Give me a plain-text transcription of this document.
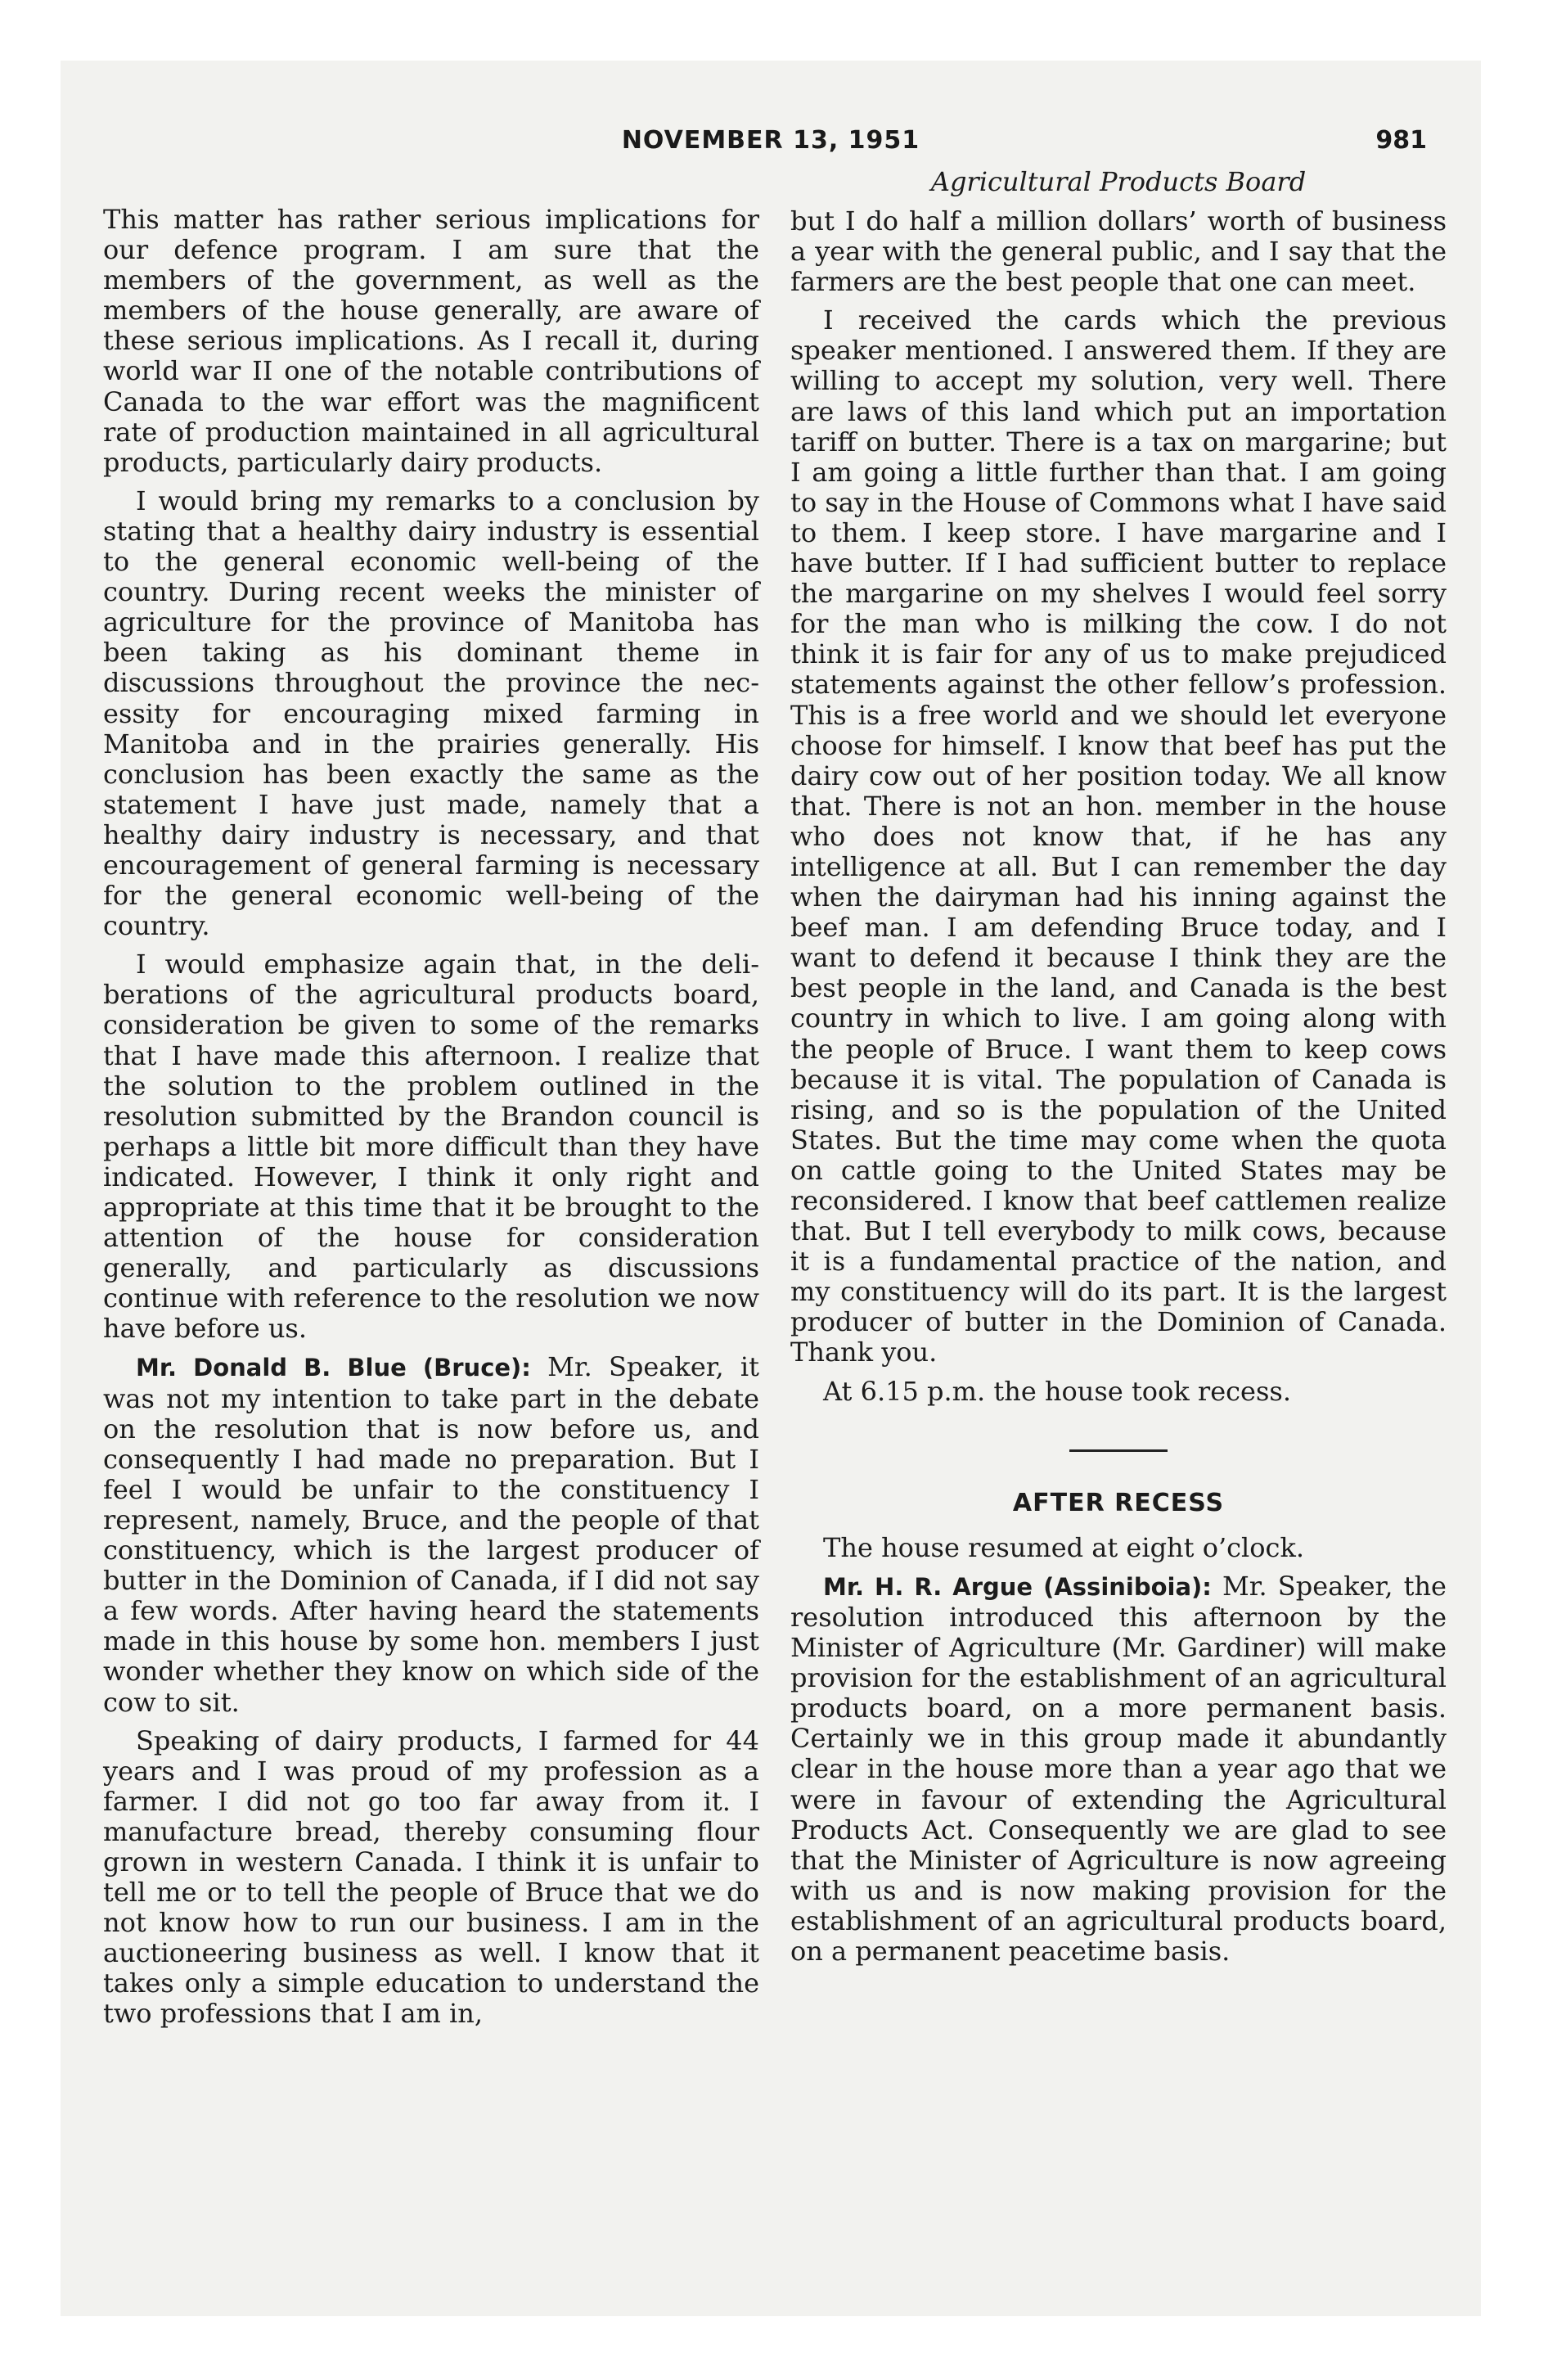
NOVEMBER 13, 1951	981

This matter has rather serious implications for our defence program. I am sure that the members of the government, as well as the members of the house generally, are aware of these serious implications. As I recall it, during world war II one of the notable contributions of Canada to the war effort was the magnificent rate of production maintained in all agricultural products, particularly dairy products.

I would bring my remarks to a conclusion by stating that a healthy dairy industry is essential to the general economic well-being of the country. During recent weeks the minister of agriculture for the province of Manitoba has been taking as his dominant theme in discussions throughout the province the necessity for encouraging mixed farming in Manitoba and in the prairies generally. His conclusion has been exactly the same as the statement I have just made, namely that a healthy dairy industry is necessary, and that encouragement of general farming is necessary for the general economic well-being of the country.

I would emphasize again that, in the deliberations of the agricultural products board, consideration be given to some of the remarks that I have made this afternoon. I realize that the solution to the problem outlined in the resolution submitted by the Brandon council is perhaps a little bit more difficult than they have indicated. However, I think it only right and appropriate at this time that it be brought to the attention of the house for consideration generally, and particularly as discussions continue with reference to the resolution we now have before us.

Mr. Donald B. Blue (Bruce): Mr. Speaker, it was not my intention to take part in the debate on the resolution that is now before us, and consequently I had made no preparation. But I feel I would be unfair to the constituency I represent, namely, Bruce, and the people of that constituency, which is the largest producer of butter in the Dominion of Canada, if I did not say a few words. After having heard the statements made in this house by some hon. members I just wonder whether they know on which side of the cow to sit.

Speaking of dairy products, I farmed for 44 years and I was proud of my profession as a farmer. I did not go too far away from it. I manufacture bread, thereby consuming flour grown in western Canada. I think it is unfair to tell me or to tell the people of Bruce that we do not know how to run our business. I am in the auctioneering business as well. I know that it takes only a simple education to understand the two professions that I am in,

Agricultural Products Board

but I do half a million dollars’ worth of business a year with the general public, and I say that the farmers are the best people that one can meet.

I received the cards which the previous speaker mentioned. I answered them. If they are willing to accept my solution, very well. There are laws of this land which put an importation tariff on butter. There is a tax on margarine; but I am going a little further than that. I am going to say in the House of Commons what I have said to them. I keep store. I have margarine and I have butter. If I had sufficient butter to replace the margarine on my shelves I would feel sorry for the man who is milking the cow. I do not think it is fair for any of us to make prejudiced statements against the other fellow’s profession. This is a free world and we should let everyone choose for himself. I know that beef has put the dairy cow out of her position today. We all know that. There is not an hon. member in the house who does not know that, if he has any intelligence at all. But I can remember the day when the dairyman had his inning against the beef man. I am defending Bruce today, and I want to defend it because I think they are the best people in the land, and Canada is the best country in which to live. I am going along with the people of Bruce. I want them to keep cows because it is vital. The population of Canada is rising, and so is the population of the United States. But the time may come when the quota on cattle going to the United States may be reconsidered. I know that beef cattlemen realize that. But I tell everybody to milk cows, because it is a fundamental practice of the nation, and my constituency will do its part. It is the largest producer of butter in the Dominion of Canada. Thank you.

At 6.15 p.m. the house took recess.

AFTER RECESS

The house resumed at eight o’clock.

Mr. H. R. Argue (Assiniboia): Mr. Speaker, the resolution introduced this afternoon by the Minister of Agriculture (Mr. Gardiner) will make provision for the establishment of an agricultural products board, on a more permanent basis. Certainly we in this group made it abundantly clear in the house more than a year ago that we were in favour of extending the Agricultural Products Act. Consequently we are glad to see that the Minister of Agriculture is now agreeing with us and is now making provision for the establishment of an agricultural products board, on a permanent peacetime basis.
